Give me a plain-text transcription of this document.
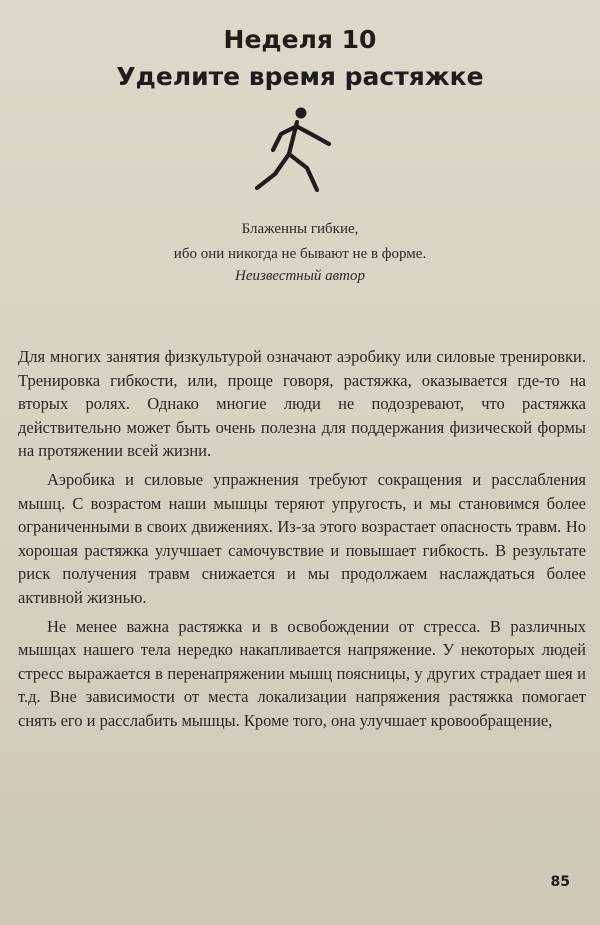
Неделя 10
Уделите время растяжке
Блаженны гибкие,
ибо они никогда не бывают не в форме.
Неизвестный автор

Для многих занятия физкультурой означают аэробику или силовые тренировки. Тренировка гибкости, или, проще говоря, растяжка, оказывается где-то на вторых ролях. Однако многие люди не подозревают, что растяжка действительно может быть очень полезна для поддержания физической формы на протяжении всей жизни.

Аэробика и силовые упражнения требуют сокращения и расслабления мышц. С возрастом наши мышцы теряют упругость, и мы становимся более ограниченными в своих движениях. Из-за этого возрастает опасность травм. Но хорошая растяжка улучшает самочувствие и повышает гибкость. В результате риск получения травм снижается и мы продолжаем наслаждаться более активной жизнью.

Не менее важна растяжка и в освобождении от стресса. В различных мышцах нашего тела нередко накапливается напряжение. У некоторых людей стресс выражается в перенапряжении мышц поясницы, у других страдает шея и т.д. Вне зависимости от места локализации напряжения растяжка помогает снять его и расслабить мышцы. Кроме того, она улучшает кровообращение,

85
